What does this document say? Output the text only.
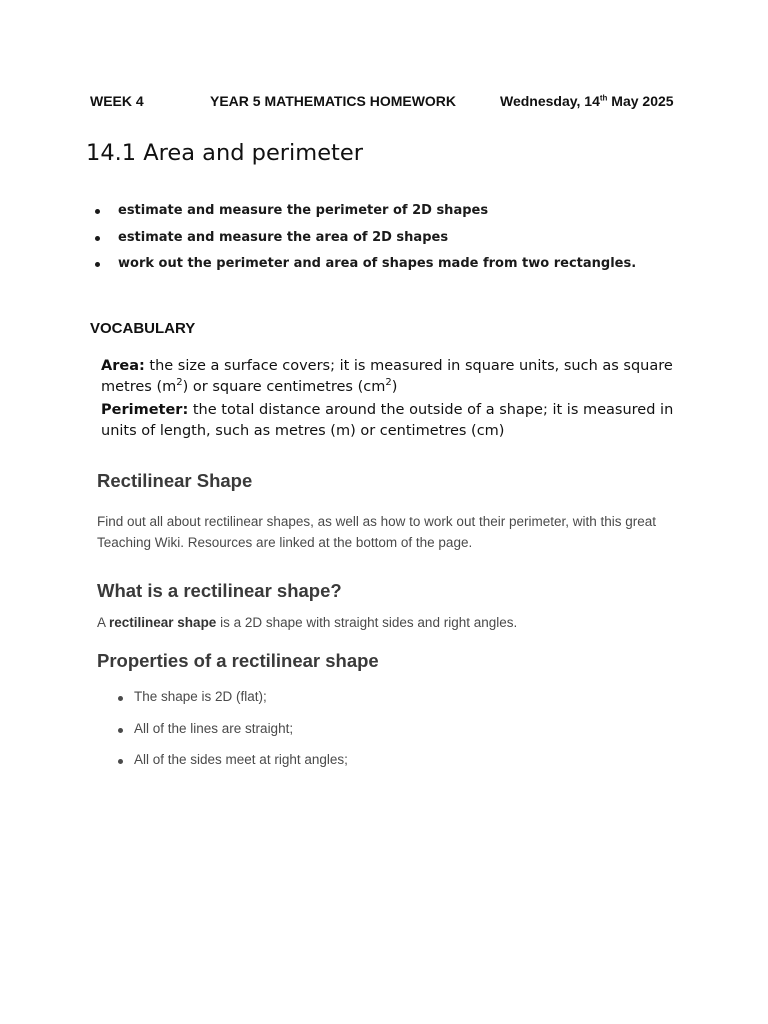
WEEK 4	YEAR 5 MATHEMATICS HOMEWORK	Wednesday, 14th May 2025
14.1 Area and perimeter
estimate and measure the perimeter of 2D shapes
estimate and measure the area of 2D shapes
work out the perimeter and area of shapes made from two rectangles.
VOCABULARY

Area: the size a surface covers; it is measured in square units, such as square metres $(m^2)$ or square centimetres $(cm^2)$

Perimeter: the total distance around the outside of a shape; it is measured in units of length, such as metres (m) or centimetres (cm)

Rectilinear Shape
Find out all about rectilinear shapes, as well as how to work out their perimeter, with this great Teaching Wiki. Resources are linked at the bottom of the page.
What is a rectilinear shape?
A rectilinear shape is a 2D shape with straight sides and right angles.
Properties of a rectilinear shape
The shape is 2D (flat);
All of the lines are straight;
All of the sides meet at right angles;
